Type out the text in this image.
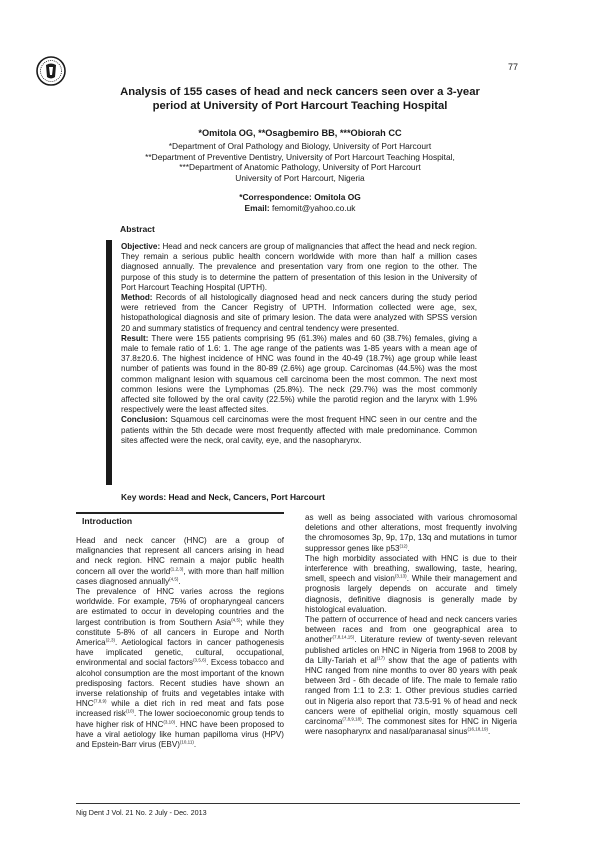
77
Analysis of 155 cases of head and neck cancers seen over a 3-year
period at University of Port Harcourt Teaching Hospital
*Omitola OG, **Osagbemiro BB, ***Obiorah CC
*Department of Oral Pathology and Biology, University of Port Harcourt
**Department of Preventive Dentistry, University of Port Harcourt Teaching Hospital,
***Department of Anatomic Pathology, University of Port Harcourt
University of Port Harcourt, Nigeria
*Correspondence: Omitola OG
Email: femomit@yahoo.co.uk
Abstract

Objective: Head and neck cancers are group of malignancies that affect the head and neck region. They remain a serious public health concern worldwide with more than half a million cases diagnosed annually. The prevalence and presentation vary from one region to the other. The purpose of this study is to determine the pattern of presentation of this lesion in the University of Port Harcourt Teaching Hospital (UPTH).

Method: Records of all histologically diagnosed head and neck cancers during the study period were retrieved from the Cancer Registry of UPTH. Information collected were age, sex, histopathological diagnosis and site of primary lesion. The data were analyzed with SPSS version 20 and summary statistics of frequency and central tendency were presented.

Result: There were 155 patients comprising 95 (61.3%) males and 60 (38.7%) females, giving a male to female ratio of 1.6: 1. The age range of the patients was 1-85 years with a mean age of 37.8±20.6. The highest incidence of HNC was found in the 40-49 (18.7%) age group while least number of patients was found in the 80-89 (2.6%) age group. Carcinomas (44.5%) was the most common malignant lesion with squamous cell carcinoma been the most common. The next most common lesions were the Lymphomas (25.8%). The neck (29.7%) was the most commonly affected site followed by the oral cavity (22.5%) while the parotid region and the larynx with 1.9% respectively were the least affected sites.

Conclusion: Squamous cell carcinomas were the most frequent HNC seen in our centre and the patients within the 5th decade were most frequently affected with male predominance. Common sites affected were the neck, oral cavity, eye, and the nasopharynx.

Key words: Head and Neck, Cancers, Port Harcourt
Introduction

Head and neck cancer (HNC) are a group of malignancies that represent all cancers arising in head and neck region. HNC remain a major public health concern all over the world$^{(1,2,3)}$, with more than half million cases diagnosed annually$^{(4,5)}$.

The prevalence of HNC varies across the regions worldwide. For example, 75% of oropharyngeal cancers are estimated to occur in developing countries and the largest contribution is from Southern Asia$^{(4,5)}$; while they constitute 5-8% of all cancers in Europe and North America$^{(2,3)}$. Aetiological factors in cancer pathogenesis have implicated genetic, cultural, occupational, environmental and social factors$^{(3,5,6)}$. Excess tobacco and alcohol consumption are the most important of the known predisposing factors. Recent studies have shown an inverse relationship of fruits and vegetables intake with HNC$^{(7,8,9)}$ while a diet rich in red meat and fats pose increased risk$^{(10)}$. The lower socioeconomic group tends to have higher risk of HNC$^{(3,10)}$. HNC have been proposed to have a viral aetiology like human papilloma virus (HPV) and Epstein-Barr virus (EBV)$^{(10,11)}$.

as well as being associated with various chromosomal deletions and other alterations, most frequently involving the chromosomes 3p, 9p, 17p, 13q and mutations in tumor suppressor genes like p53$^{(12)}$.

The high morbidity associated with HNC is due to their interference with breathing, swallowing, taste, hearing, smell, speech and vision$^{(3,13)}$. While their management and prognosis largely depends on accurate and timely diagnosis, definitive diagnosis is generally made by histological evaluation.

The pattern of occurrence of head and neck cancers varies between races and from one geographical area to another$^{(7,8,14,15)}$. Literature review of twenty-seven relevant published articles on HNC in Nigeria from 1968 to 2008 by da Lilly-Tariah et $al^{(17)}$ show that the age of patients with HNC ranged from nine months to over 80 years with peak between 3rd - 6th decade of life. The male to female ratio ranged from 1:1 to 2.3: 1. Other previous studies carried out in Nigeria also report that 73.5-91 % of head and neck cancers were of epithelial origin, mostly squamous cell carcinoma$^{(7,8,9,18)}$. The commonest sites for HNC in Nigeria were nasopharynx and nasal/paranasal sinus$^{(16,18,19)}$.

Nig Dent J Vol. 21 No. 2 July - Dec. 2013
